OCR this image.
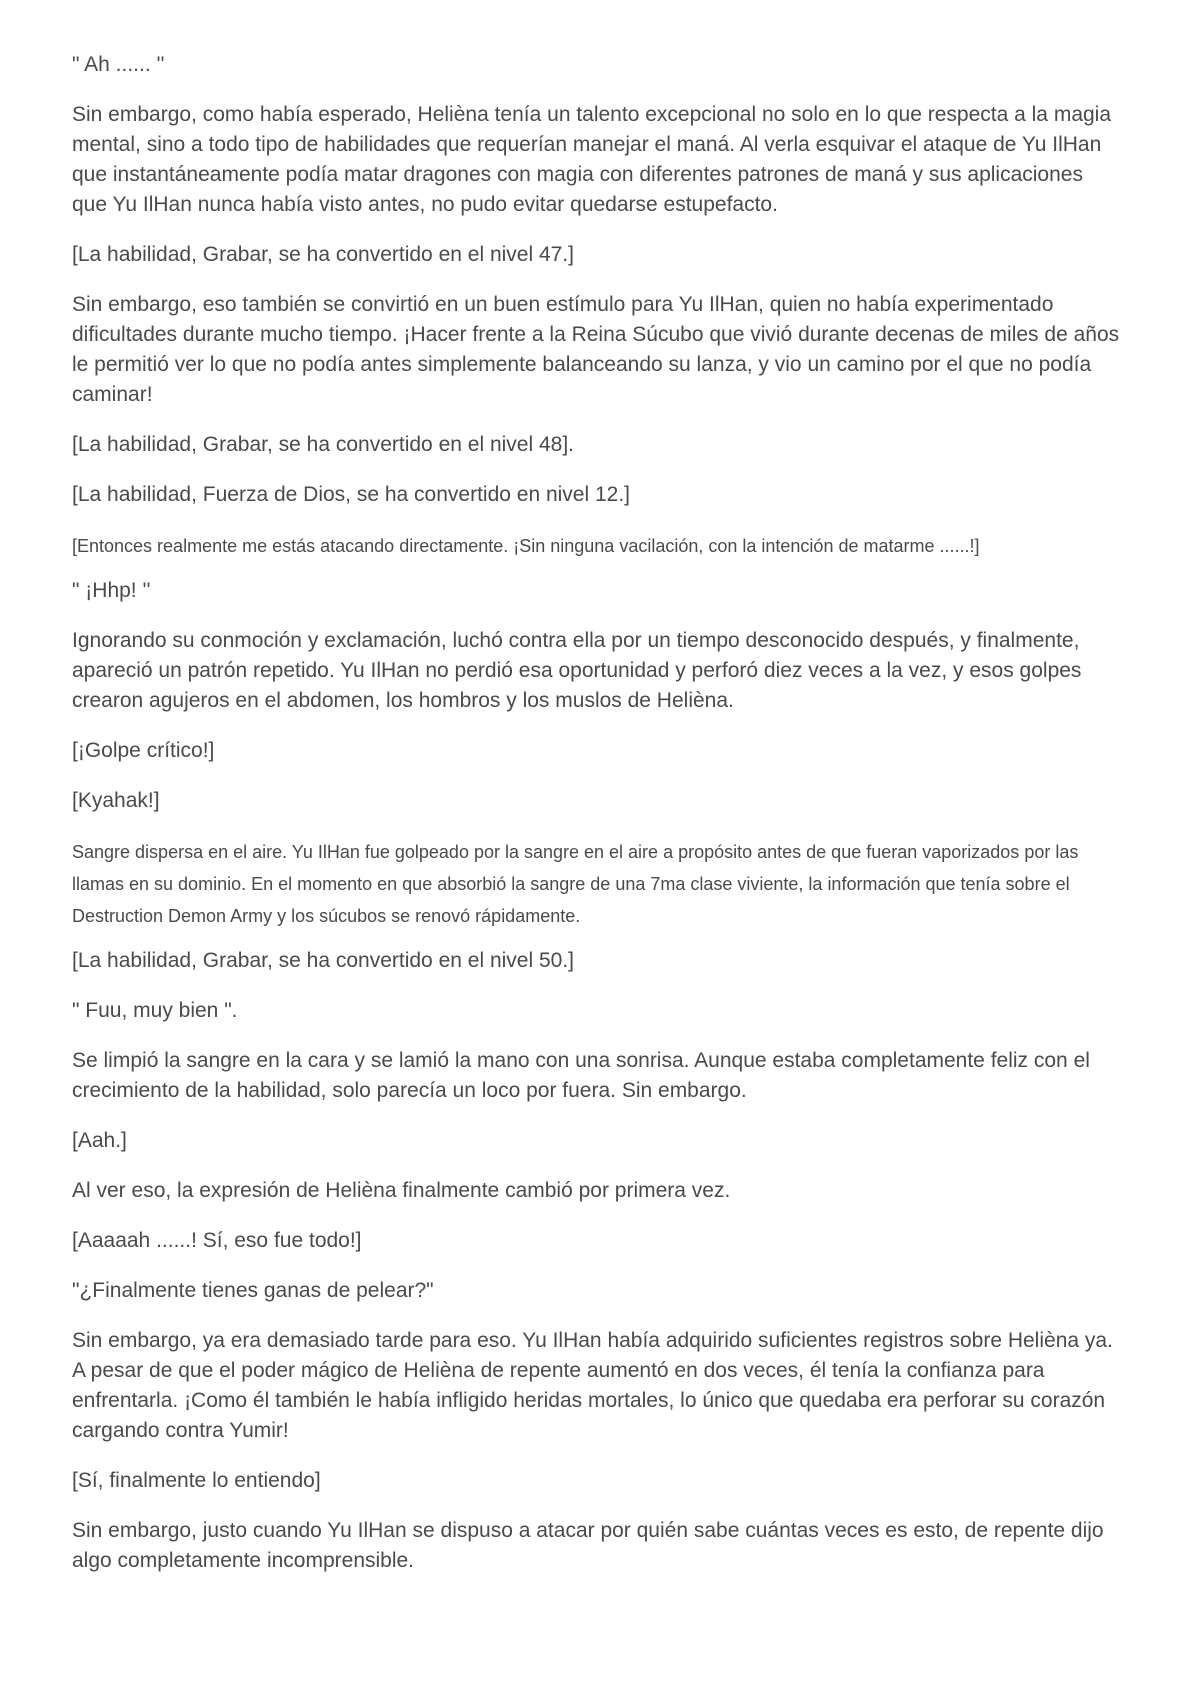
" Ah ...... ''

Sin embargo, como había esperado, Helièna tenía un talento excepcional no solo en lo que respecta a la magia mental, sino a todo tipo de habilidades que requerían manejar el maná. Al verla esquivar el ataque de Yu IlHan que instantáneamente podía matar dragones con magia con diferentes patrones de maná y sus aplicaciones que Yu IlHan nunca había visto antes, no pudo evitar quedarse estupefacto.

[La habilidad, Grabar, se ha convertido en el nivel 47.]

Sin embargo, eso también se convirtió en un buen estímulo para Yu IlHan, quien no había experimentado dificultades durante mucho tiempo. ¡Hacer frente a la Reina Súcubo que vivió durante decenas de miles de años le permitió ver lo que no podía antes simplemente balanceando su lanza, y vio un camino por el que no podía caminar!

[La habilidad, Grabar, se ha convertido en el nivel 48].

[La habilidad, Fuerza de Dios, se ha convertido en nivel 12.]

[Entonces realmente me estás atacando directamente. ¡Sin ninguna vacilación, con la intención de matarme ......!]

" ¡Hhp! ''

Ignorando su conmoción y exclamación, luchó contra ella por un tiempo desconocido después, y finalmente, apareció un patrón repetido. Yu IlHan no perdió esa oportunidad y perforó diez veces a la vez, y esos golpes crearon agujeros en el abdomen, los hombros y los muslos de Helièna.

[¡Golpe crítico!]

[Kyahak!]

Sangre dispersa en el aire. Yu IlHan fue golpeado por la sangre en el aire a propósito antes de que fueran vaporizados por las llamas en su dominio. En el momento en que absorbió la sangre de una 7ma clase viviente, la información que tenía sobre el Destruction Demon Army y los súcubos se renovó rápidamente.

[La habilidad, Grabar, se ha convertido en el nivel 50.]

" Fuu, muy bien ".

Se limpió la sangre en la cara y se lamió la mano con una sonrisa. Aunque estaba completamente feliz con el crecimiento de la habilidad, solo parecía un loco por fuera. Sin embargo.

[Aah.]

Al ver eso, la expresión de Helièna finalmente cambió por primera vez.

[Aaaaah ......! Sí, eso fue todo!]

"¿Finalmente tienes ganas de pelear?"

Sin embargo, ya era demasiado tarde para eso. Yu IlHan había adquirido suficientes registros sobre Helièna ya. A pesar de que el poder mágico de Helièna de repente aumentó en dos veces, él tenía la confianza para enfrentarla. ¡Como él también le había infligido heridas mortales, lo único que quedaba era perforar su corazón cargando contra Yumir!

[Sí, finalmente lo entiendo]

Sin embargo, justo cuando Yu IlHan se dispuso a atacar por quién sabe cuántas veces es esto, de repente dijo algo completamente incomprensible.
